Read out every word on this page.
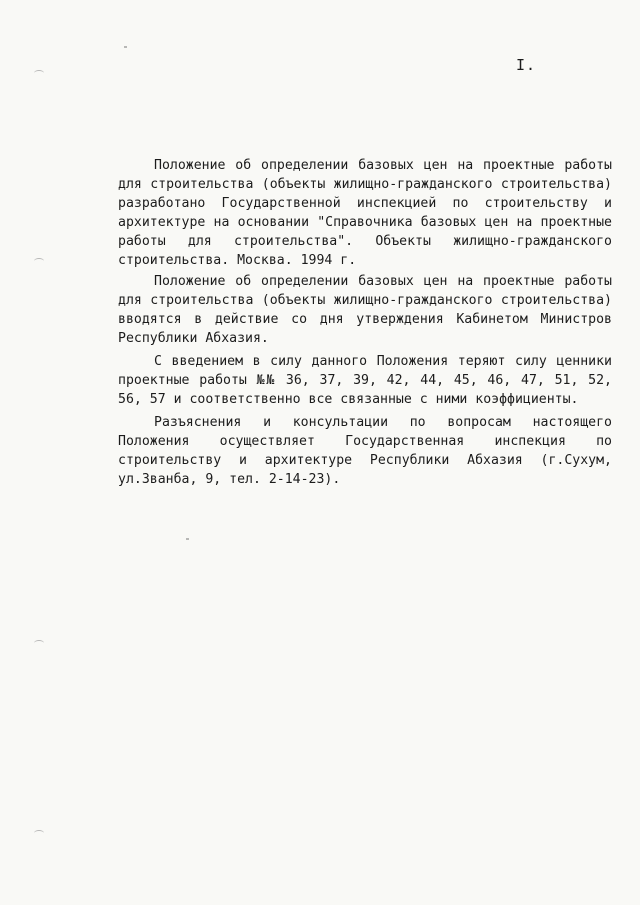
I.

Положение об определении базовых цен на проектные работы для строительства (объекты жилищно-гражданского строительства) разработано Государственной инспекцией по строительству и архитектуре на основании "Справочника базовых цен на проектные работы для строительства". Объекты жилищно-гражданского строительства. Москва. 1994 г.

Положение об определении базовых цен на проектные работы для строительства (объекты жилищно-гражданского строительства) вводятся в действие со дня утверждения Кабинетом Министров Республики Абхазия.

С введением в силу данного Положения теряют силу ценники проектные работы №№ 36, 37, 39, 42, 44, 45, 46, 47, 51, 52, 56, 57 и соответственно все связанные с ними коэффициенты.

Разъяснения и консультации по вопросам настоящего Положения осуществляет Государственная инспекция по строительству и архитектуре Республики Абхазия (г.Сухум, ул.Званба, 9, тел. 2-14-23).
